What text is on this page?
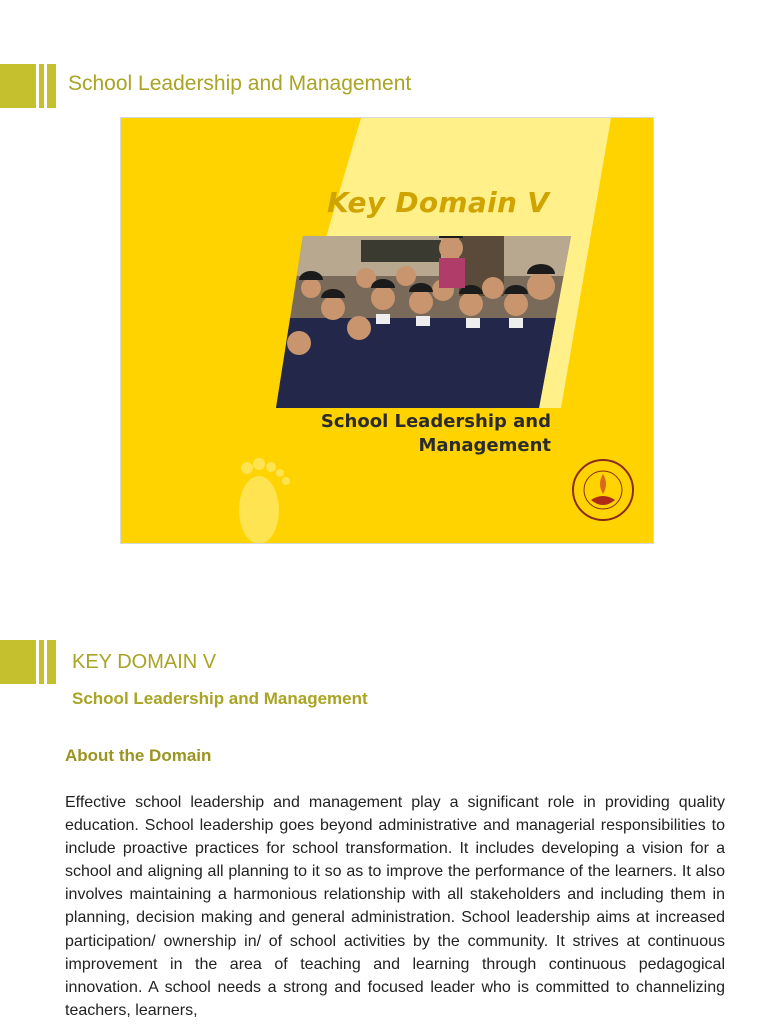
School Leadership and Management
Key Domain V
School Leadership and Management
KEY DOMAIN V
School Leadership and Management
About the Domain

Effective school leadership and management play a significant role in providing quality education. School leadership goes beyond administrative and managerial responsibilities to include proactive practices for school transformation. It includes developing a vision for a school and aligning all planning to it so as to improve the performance of the learners. It also involves maintaining a harmonious relationship with all stakeholders and including them in planning, decision making and general administration. School leadership aims at increased participation/ ownership in/ of school activities by the community. It strives at continuous improvement in the area of teaching and learning through continuous pedagogical innovation. A school needs a strong and focused leader who is committed to channelizing teachers, learners,
